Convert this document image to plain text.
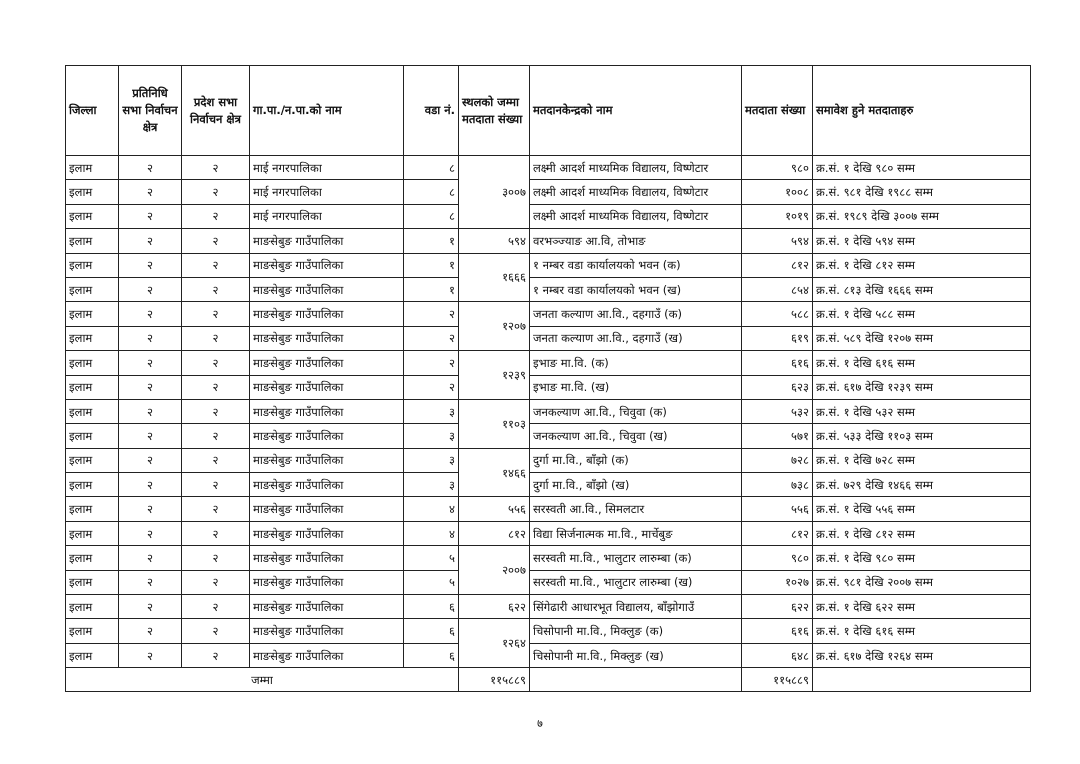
जिल्ला	प्रतिनिधि सभा निर्वाचन क्षेत्र	प्रदेश सभा निर्वाचन क्षेत्र	गा.पा./न.पा.को नाम	वडा नं.	स्थलको जम्मा मतदाता संख्या	मतदानकेन्द्रको नाम	मतदाता संख्या	समावेश हुने मतदाताहरु
इलाम	२	२	माई नगरपालिका	८	३००७	लक्ष्मी आदर्श माध्यमिक विद्यालय, विष्णेटार	९८०	क्र.सं. १ देखि ९८० सम्म
इलाम	२	२	माई नगरपालिका	८		लक्ष्मी आदर्श माध्यमिक विद्यालय, विष्णेटार	१००८	क्र.सं. ९८१ देखि १९८८ सम्म
इलाम	२	२	माई नगरपालिका	८		लक्ष्मी आदर्श माध्यमिक विद्यालय, विष्णेटार	१०१९	क्र.सं. १९८९ देखि ३००७ सम्म
इलाम	२	२	माङसेबुङ गाउँपालिका	१	५९४	वरभञ्ज्याङ आ.वि, तोभाङ	५९४	क्र.सं. १ देखि ५९४ सम्म
इलाम	२	२	माङसेबुङ गाउँपालिका	१	१६६६	१ नम्बर वडा कार्यालयको भवन (क)	८१२	क्र.सं. १ देखि ८१२ सम्म
इलाम	२	२	माङसेबुङ गाउँपालिका	१		१ नम्बर वडा कार्यालयको भवन (ख)	८५४	क्र.सं. ८१३ देखि १६६६ सम्म
इलाम	२	२	माङसेबुङ गाउँपालिका	२	१२०७	जनता कल्याण आ.वि., दहगाउँ (क)	५८८	क्र.सं. १ देखि ५८८ सम्म
इलाम	२	२	माङसेबुङ गाउँपालिका	२		जनता कल्याण आ.वि., दहगाउँ (ख)	६१९	क्र.सं. ५८९ देखि १२०७ सम्म
इलाम	२	२	माङसेबुङ गाउँपालिका	२	१२३९	इभाङ मा.वि. (क)	६१६	क्र.सं. १ देखि ६१६ सम्म
इलाम	२	२	माङसेबुङ गाउँपालिका	२		इभाङ मा.वि. (ख)	६२३	क्र.सं. ६१७ देखि १२३९ सम्म
इलाम	२	२	माङसेबुङ गाउँपालिका	३	११०३	जनकल्याण आ.वि., चिवुवा (क)	५३२	क्र.सं. १ देखि ५३२ सम्म
इलाम	२	२	माङसेबुङ गाउँपालिका	३		जनकल्याण आ.वि., चिवुवा (ख)	५७१	क्र.सं. ५३३ देखि ११०३ सम्म
इलाम	२	२	माङसेबुङ गाउँपालिका	३	१४६६	दुर्गा मा.वि., बाँझो (क)	७२८	क्र.सं. १ देखि ७२८ सम्म
इलाम	२	२	माङसेबुङ गाउँपालिका	३		दुर्गा मा.वि., बाँझो (ख)	७३८	क्र.सं. ७२९ देखि १४६६ सम्म
इलाम	२	२	माङसेबुङ गाउँपालिका	४	५५६	सरस्वती आ.वि., सिमलटार	५५६	क्र.सं. १ देखि ५५६ सम्म
इलाम	२	२	माङसेबुङ गाउँपालिका	४	८१२	विद्या सिर्जनात्मक मा.वि., मार्चेबुङ	८१२	क्र.सं. १ देखि ८१२ सम्म
इलाम	२	२	माङसेबुङ गाउँपालिका	५	२००७	सरस्वती मा.वि., भालुटार लारुम्बा (क)	९८०	क्र.सं. १ देखि ९८० सम्म
इलाम	२	२	माङसेबुङ गाउँपालिका	५		सरस्वती मा.वि., भालुटार लारुम्बा (ख)	१०२७	क्र.सं. ९८१ देखि २००७ सम्म
इलाम	२	२	माङसेबुङ गाउँपालिका	६	६२२	सिंगेढारी आधारभूत विद्यालय, बाँझोगाउँ	६२२	क्र.सं. १ देखि ६२२ सम्म
इलाम	२	२	माङसेबुङ गाउँपालिका	६	१२६४	चिसोपानी मा.वि., मिक्लुङ (क)	६१६	क्र.सं. १ देखि ६१६ सम्म
इलाम	२	२	माङसेबुङ गाउँपालिका	६		चिसोपानी मा.वि., मिक्लुङ (ख)	६४८	क्र.सं. ६१७ देखि १२६४ सम्म
जम्मा					११५८८९		११५८८९	
७
